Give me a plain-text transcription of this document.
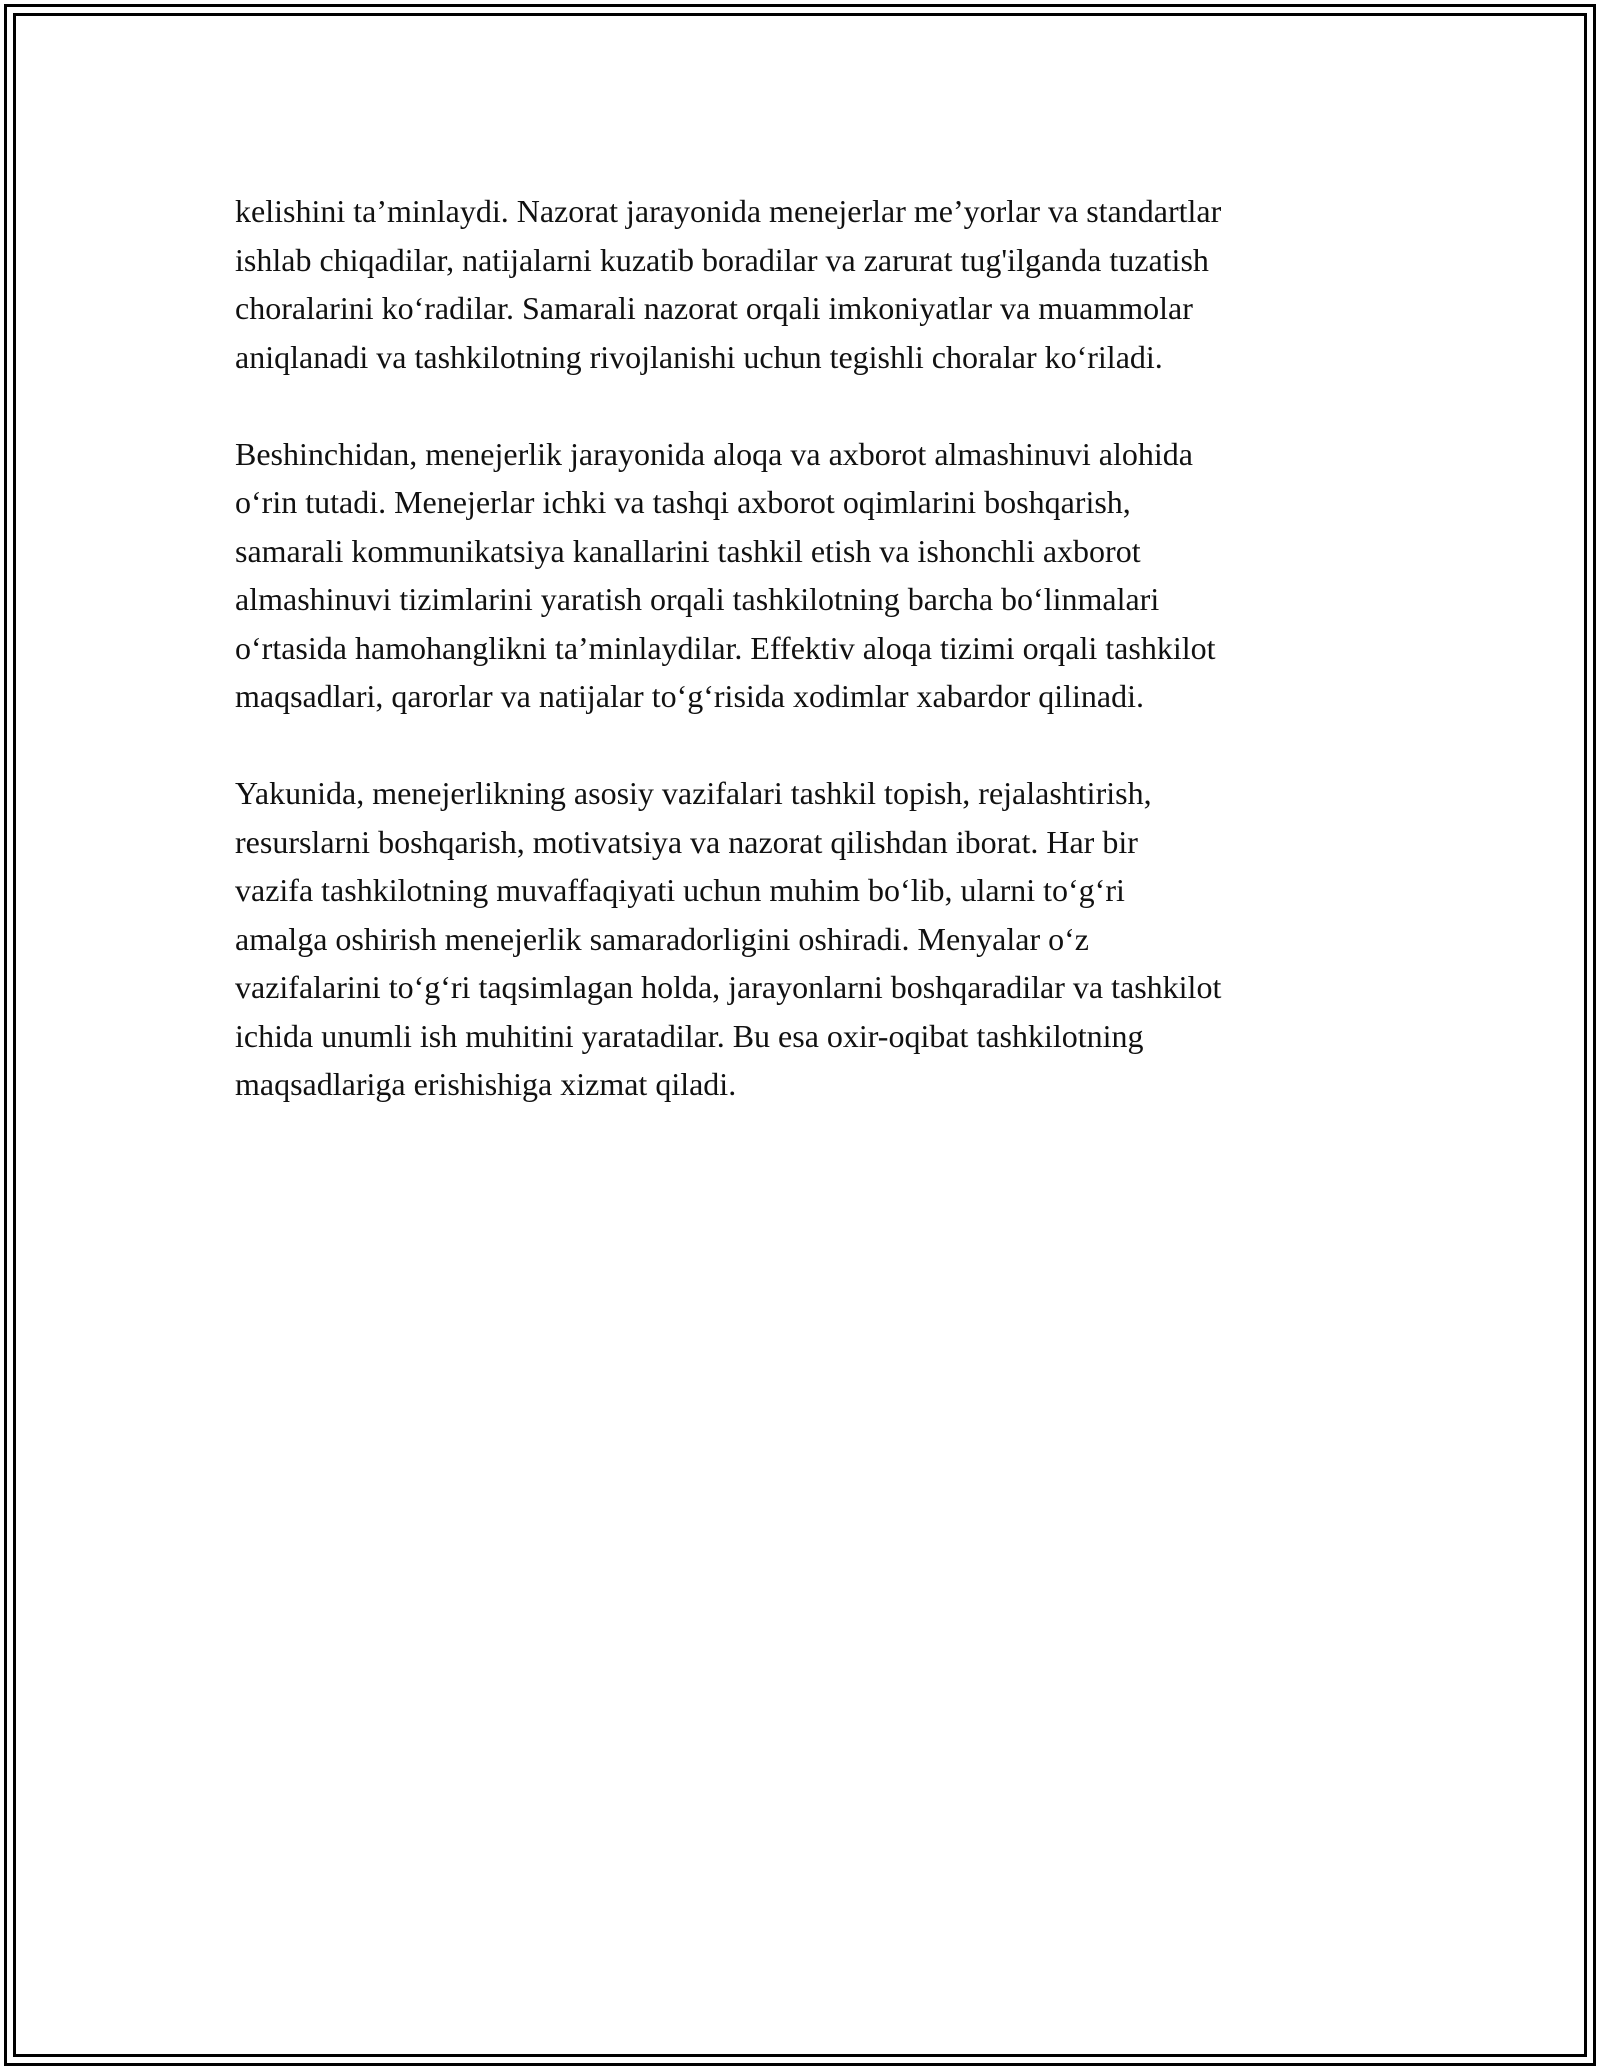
kelishini ta’minlaydi. Nazorat jarayonida menejerlar me’yorlar va standartlar
ishlab chiqadilar, natijalarni kuzatib boradilar va zarurat tug'ilganda tuzatish
choralarini ko‘radilar. Samarali nazorat orqali imkoniyatlar va muammolar
aniqlanadi va tashkilotning rivojlanishi uchun tegishli choralar ko‘riladi.

Beshinchidan, menejerlik jarayonida aloqa va axborot almashinuvi alohida
o‘rin tutadi. Menejerlar ichki va tashqi axborot oqimlarini boshqarish,
samarali kommunikatsiya kanallarini tashkil etish va ishonchli axborot
almashinuvi tizimlarini yaratish orqali tashkilotning barcha bo‘linmalari
o‘rtasida hamohanglikni ta’minlaydilar. Effektiv aloqa tizimi orqali tashkilot
maqsadlari, qarorlar va natijalar to‘g‘risida xodimlar xabardor qilinadi.

Yakunida, menejerlikning asosiy vazifalari tashkil topish, rejalashtirish,
resurslarni boshqarish, motivatsiya va nazorat qilishdan iborat. Har bir
vazifa tashkilotning muvaffaqiyati uchun muhim bo‘lib, ularni to‘g‘ri
amalga oshirish menejerlik samaradorligini oshiradi. Menyalar o‘z
vazifalarini to‘g‘ri taqsimlagan holda, jarayonlarni boshqaradilar va tashkilot
ichida unumli ish muhitini yaratadilar. Bu esa oxir-oqibat tashkilotning
maqsadlariga erishishiga xizmat qiladi.
